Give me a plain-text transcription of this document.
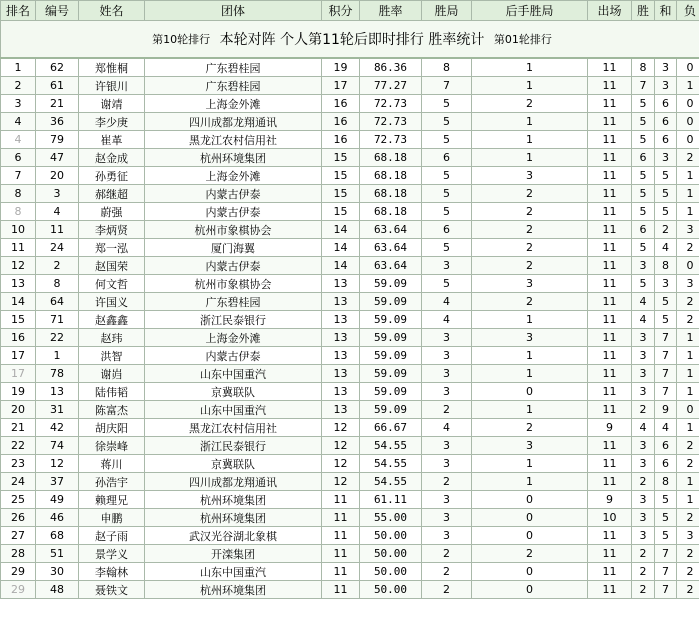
排名	编号	姓名	团体	积分	胜率	胜局	后手胜局	出场	胜	和	负
第10轮排行 本轮对阵 个人第11轮后即时排行 胜率统计 第01轮排行											
1	62	郑惟桐	广东碧桂园	19	86.36	8	1	11	8	3	0
2	61	许银川	广东碧桂园	17	77.27	7	1	11	7	3	1
3	21	谢靖	上海金外滩	16	72.73	5	2	11	5	6	0
4	36	李少庚	四川成都龙翔通讯	16	72.73	5	1	11	5	6	0
4	79	崔革	黑龙江农村信用社	16	72.73	5	1	11	5	6	0
6	47	赵金成	杭州环境集团	15	68.18	6	1	11	6	3	2
7	20	孙勇征	上海金外滩	15	68.18	5	3	11	5	5	1
8	3	郝继超	内蒙古伊泰	15	68.18	5	2	11	5	5	1
8	4	蔚强	内蒙古伊泰	15	68.18	5	2	11	5	5	1
10	11	李炳贤	杭州市象棋协会	14	63.64	6	2	11	6	2	3
11	24	郑一泓	厦门海翼	14	63.64	5	2	11	5	4	2
12	2	赵国荣	内蒙古伊泰	14	63.64	3	2	11	3	8	0
13	8	何文哲	杭州市象棋协会	13	59.09	5	3	11	5	3	3
14	64	许国义	广东碧桂园	13	59.09	4	2	11	4	5	2
15	71	赵鑫鑫	浙江民泰银行	13	59.09	4	1	11	4	5	2
16	22	赵玮	上海金外滩	13	59.09	3	3	11	3	7	1
17	1	洪智	内蒙古伊泰	13	59.09	3	1	11	3	7	1
17	78	谢岿	山东中国重汽	13	59.09	3	1	11	3	7	1
19	13	陆伟韬	京冀联队	13	59.09	3	0	11	3	7	1
20	31	陈富杰	山东中国重汽	13	59.09	2	1	11	2	9	0
21	42	胡庆阳	黑龙江农村信用社	12	66.67	4	2	9	4	4	1
22	74	徐崇峰	浙江民泰银行	12	54.55	3	3	11	3	6	2
23	12	蒋川	京冀联队	12	54.55	3	1	11	3	6	2
24	37	孙浩宇	四川成都龙翔通讯	12	54.55	2	1	11	2	8	1
25	49	赖理兄	杭州环境集团	11	61.11	3	0	9	3	5	1
26	46	申鹏	杭州环境集团	11	55.00	3	0	10	3	5	2
27	68	赵子雨	武汉光谷湖北象棋	11	50.00	3	0	11	3	5	3
28	51	景学义	开滦集团	11	50.00	2	2	11	2	7	2
29	30	李翰林	山东中国重汽	11	50.00	2	0	11	2	7	2
29	48	聂铁文	杭州环境集团	11	50.00	2	0	11	2	7	2
